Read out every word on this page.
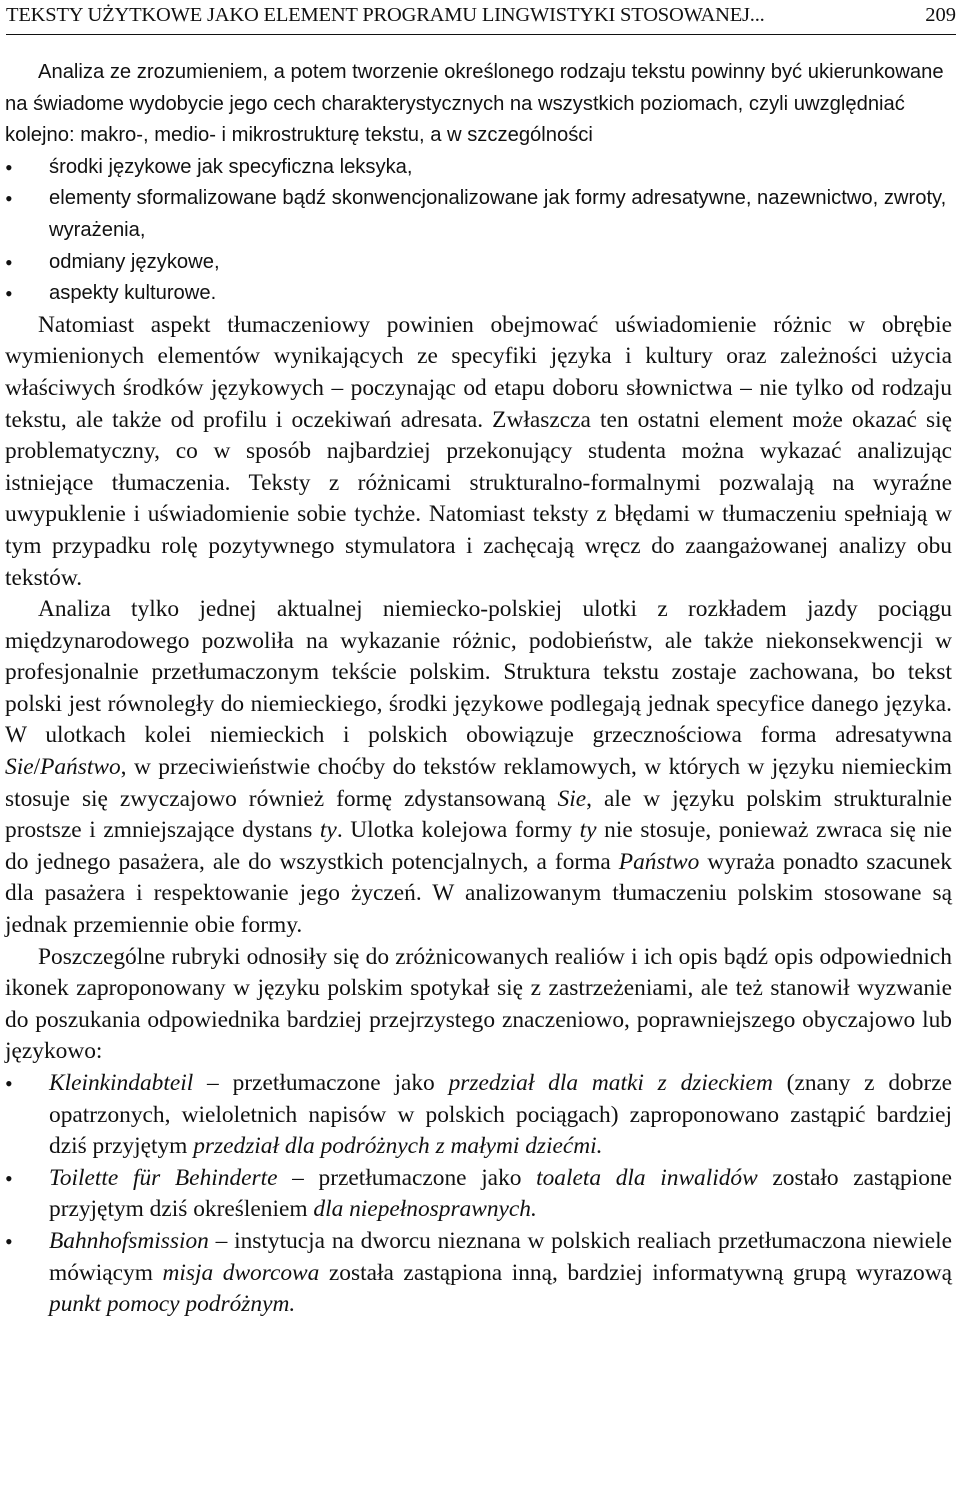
TEKSTY UŻYTKOWE JAKO ELEMENT PROGRAMU LINGWISTYKI STOSOWANEJ...	209

Analiza ze zrozumieniem, a potem tworzenie określonego rodzaju tekstu powinny być ukierunkowane na świadome wydobycie jego cech charakterystycznych na wszystkich poziomach, czyli uwzględniać kolejno: makro-, medio- i mikrostrukturę tekstu, a w szczególności

• środki językowe jak specyficzna leksyka,
• elementy sformalizowane bądź skonwencjonalizowane jak formy adresatywne, nazewnictwo, zwroty, wyrażenia,
• odmiany językowe,
• aspekty kulturowe.

Natomiast aspekt tłumaczeniowy powinien obejmować uświadomienie różnic w obrębie wymienionych elementów wynikających ze specyfiki języka i kultury oraz zależności użycia właściwych środków językowych – poczynając od etapu doboru słownictwa – nie tylko od rodzaju tekstu, ale także od profilu i oczekiwań adresata. Zwłaszcza ten ostatni element może okazać się problematyczny, co w sposób najbardziej przekonujący studenta można wykazać analizując istniejące tłumaczenia. Teksty z różnicami strukturalno-formalnymi pozwalają na wyraźne uwypuklenie i uświadomienie sobie tychże. Natomiast teksty z błędami w tłumaczeniu spełniają w tym przypadku rolę pozytywnego stymulatora i zachęcają wręcz do zaangażowanej analizy obu tekstów.

Analiza tylko jednej aktualnej niemiecko-polskiej ulotki z rozkładem jazdy pociągu międzynarodowego pozwoliła na wykazanie różnic, podobieństw, ale także niekonsekwencji w profesjonalnie przetłumaczonym tekście polskim. Struktura tekstu zostaje zachowana, bo tekst polski jest równoległy do niemieckiego, środki językowe podlegają jednak specyfice danego języka. W ulotkach kolei niemieckich i polskich obowiązuje grzecznościowa forma adresatywna Sie/Państwo, w przeciwieństwie choćby do tekstów reklamowych, w których w języku niemieckim stosuje się zwyczajowo również formę zdystansowaną Sie, ale w języku polskim strukturalnie prostsze i zmniejszające dystans ty. Ulotka kolejowa formy ty nie stosuje, ponieważ zwraca się nie do jednego pasażera, ale do wszystkich potencjalnych, a forma Państwo wyraża ponadto szacunek dla pasażera i respektowanie jego życzeń. W analizowanym tłumaczeniu polskim stosowane są jednak przemiennie obie formy.

Poszczególne rubryki odnosiły się do zróżnicowanych realiów i ich opis bądź opis odpowiednich ikonek zaproponowany w języku polskim spotykał się z zastrzeżeniami, ale też stanowił wyzwanie do poszukania odpowiednika bardziej przejrzystego znaczeniowo, poprawniejszego obyczajowo lub językowo:

• Kleinkindabteil – przetłumaczone jako przedział dla matki z dzieckiem (znany z dobrze opatrzonych, wieloletnich napisów w polskich pociągach) zaproponowano zastąpić bardziej dziś przyjętym przedział dla podróżnych z małymi dziećmi.
• Toilette für Behinderte – przetłumaczone jako toaleta dla inwalidów zostało zastąpione przyjętym dziś określeniem dla niepełnosprawnych.
• Bahnhofsmission – instytucja na dworcu nieznana w polskich realiach przetłumaczona niewiele mówiącym misja dworcowa została zastąpiona inną, bardziej informatywną grupą wyrazową punkt pomocy podróżnym.
